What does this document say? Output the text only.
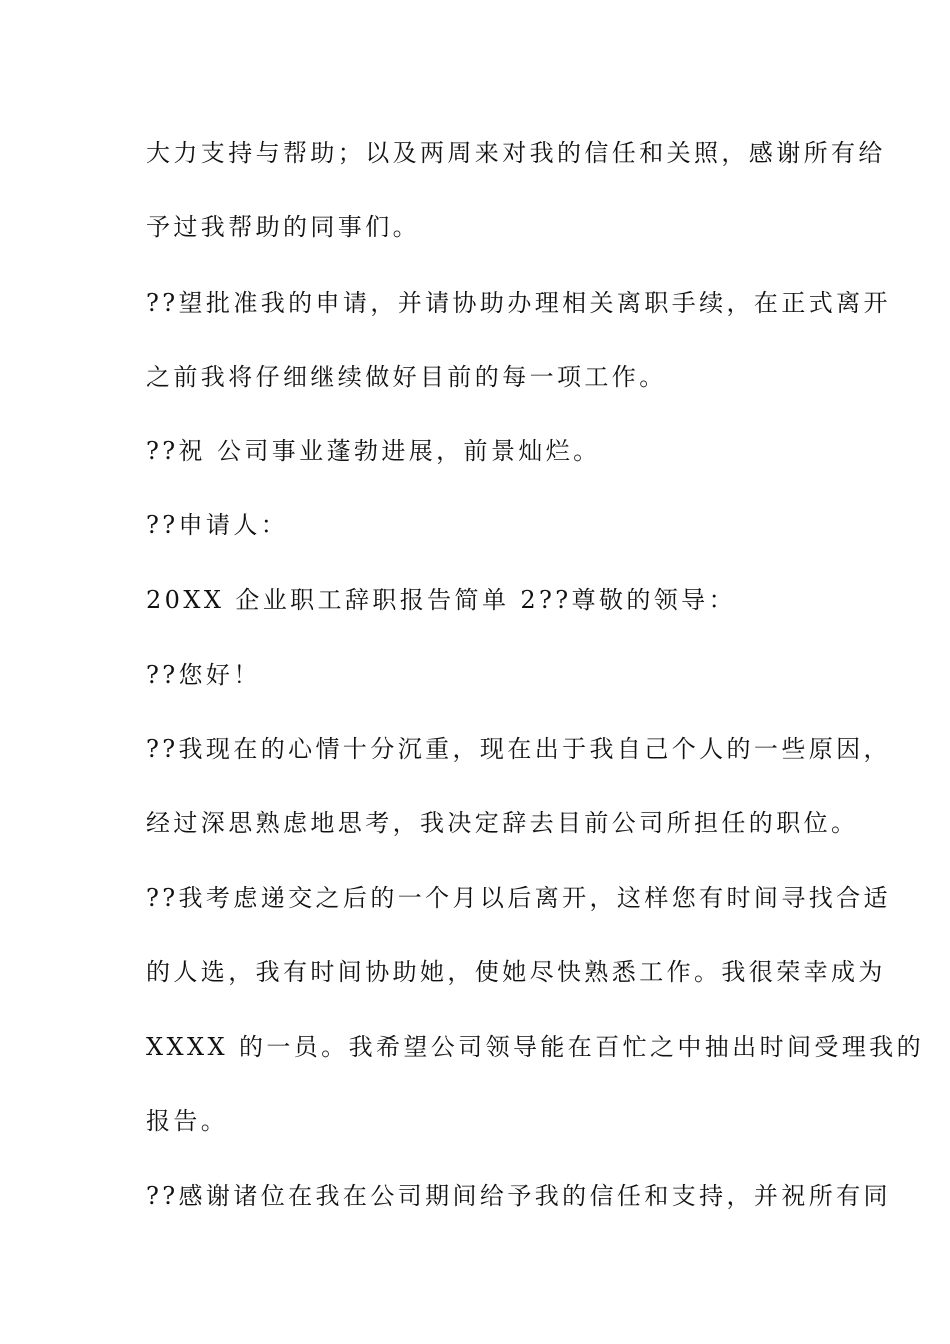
大力支持与帮助；以及两周来对我的信任和关照，感谢所有给
予过我帮助的同事们。
??望批准我的申请，并请协助办理相关离职手续，在正式离开
之前我将仔细继续做好目前的每一项工作。
??祝 公司事业蓬勃进展，前景灿烂。
??申请人：
20XX 企业职工辞职报告简单 2??尊敬的领导：
??您好！
??我现在的心情十分沉重，现在出于我自己个人的一些原因，
经过深思熟虑地思考，我决定辞去目前公司所担任的职位。
??我考虑递交之后的一个月以后离开，这样您有时间寻找合适
的人选，我有时间协助她，使她尽快熟悉工作。我很荣幸成为
XXXX 的一员。我希望公司领导能在百忙之中抽出时间受理我的
报告。
??感谢诸位在我在公司期间给予我的信任和支持，并祝所有同
